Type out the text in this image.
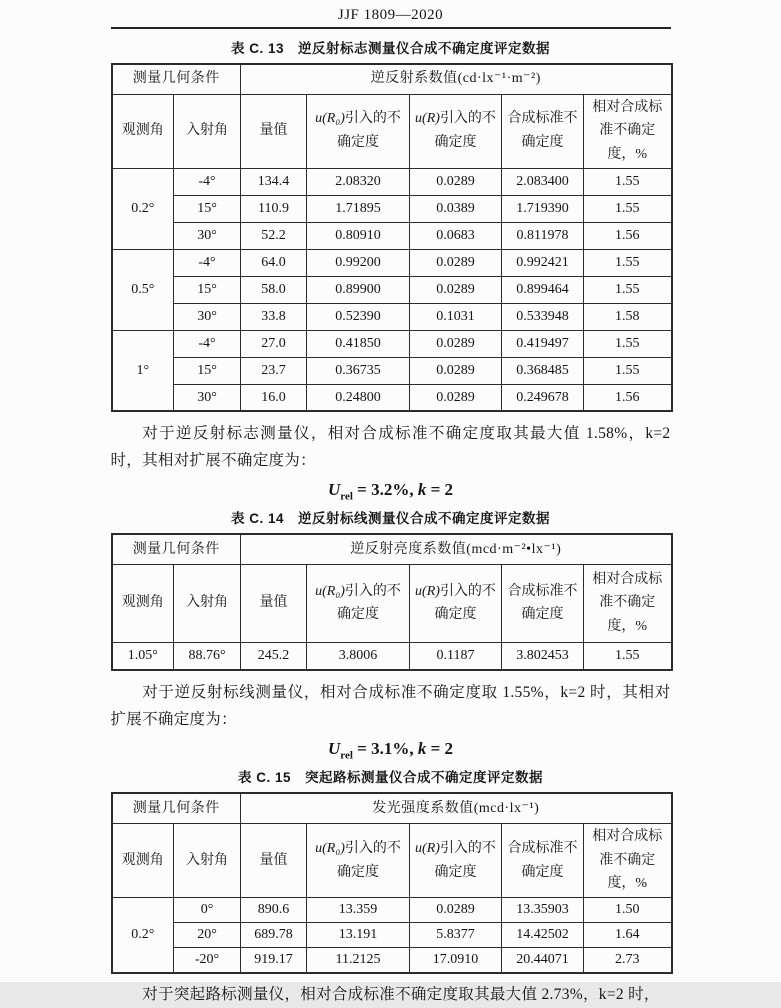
JJF 1809—2020
表 C. 13　逆反射标志测量仪合成不确定度评定数据
测量几何条件		逆反射系数值(cd·lx⁻¹·m⁻²)				
观测角	入射角	量值	u(R₀)引入的不确定度	u(R)引入的不确定度	合成标准不确定度	相对合成标准不确定度，%
0.2°	-4°	134.4	2.08320	0.0289	2.083400	1.55
	15°	110.9	1.71895	0.0389	1.719390	1.55
	30°	52.2	0.80910	0.0683	0.811978	1.56
0.5°	-4°	64.0	0.99200	0.0289	0.992421	1.55
	15°	58.0	0.89900	0.0289	0.899464	1.55
	30°	33.8	0.52390	0.1031	0.533948	1.58
1°	-4°	27.0	0.41850	0.0289	0.419497	1.55
	15°	23.7	0.36735	0.0289	0.368485	1.55
	30°	16.0	0.24800	0.0289	0.249678	1.56

对于逆反射标志测量仪，相对合成标准不确定度取其最大值 1.58%，k=2 时，其相对扩展不确定度为：

$U_{rel} = 3.2\%$, k = 2
表 C. 14　逆反射标线测量仪合成不确定度评定数据
测量几何条件		逆反射亮度系数值(mcd·m⁻²•lx⁻¹)				
观测角	入射角	量值	u(R₀)引入的不确定度	u(R)引入的不确定度	合成标准不确定度	相对合成标准不确定度，%
1.05°	88.76°	245.2	3.8006	0.1187	3.802453	1.55

对于逆反射标线测量仪，相对合成标准不确定度取 1.55%，k=2 时，其相对扩展不确定度为：

$U_{rel} = 3.1\%$, k = 2
表 C. 15　突起路标测量仪合成不确定度评定数据
测量几何条件		发光强度系数值(mcd·lx⁻¹)				
观测角	入射角	量值	u(R₀)引入的不确定度	u(R)引入的不确定度	合成标准不确定度	相对合成标准不确定度，%
0.2°	0°	890.6	13.359	0.0289	13.35903	1.50
	20°	689.78	13.191	5.8377	14.42502	1.64
	-20°	919.17	11.2125	17.0910	20.44071	2.73

对于突起路标测量仪，相对合成标准不确定度取其最大值 2.73%，k=2 时，
